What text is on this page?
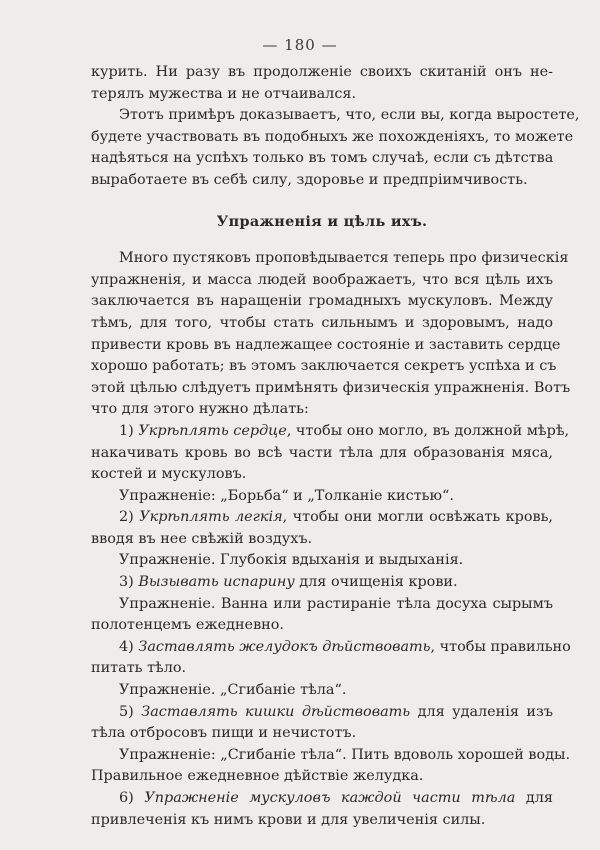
— 180 —
курить. Ни разу въ продолженіе своихъ скитаній онъ не-
терялъ мужества и не отчаивался.
Этотъ примѣръ доказываетъ, что, если вы, когда выростете,
будете участвовать въ подобныхъ же похожденіяхъ, то можете
надѣяться на успѣхъ только въ томъ случаѣ, если съ дѣтства
выработаете въ себѣ силу, здоровье и предпріимчивость.
Упражненія и цѣль ихъ.
Много пустяковъ проповѣдывается теперь про физическія
упражненія, и масса людей воображаетъ, что вся цѣль ихъ
заключается въ наращеніи громадныхъ мускуловъ. Между
тѣмъ, для того, чтобы стать сильнымъ и здоровымъ, надо
привести кровь въ надлежащее состояніе и заставить сердце
хорошо работать; въ этомъ заключается секретъ успѣха и съ
этой цѣлью слѣдуетъ примѣнять физическія упражненія. Вотъ
что для этого нужно дѣлать:
1) Укрѣплять сердце, чтобы оно могло, въ должной мѣрѣ,
накачивать кровь во всѣ части тѣла для образованія мяса,
костей и мускуловъ.
Упражненіе: „Борьба“ и „Толканіе кистью“.
2) Укрѣплять легкія, чтобы они могли освѣжать кровь,
вводя въ нее свѣжій воздухъ.
Упражненіе. Глубокія вдыханія и выдыханія.
3) Вызывать испарину для очищенія крови.
Упражненіе. Ванна или растираніе тѣла досуха сырымъ
полотенцемъ ежедневно.
4) Заставлять желудокъ дѣйствовать, чтобы правильно
питать тѣло.
Упражненіе. „Сгибаніе тѣла“.
5) Заставлять кишки дѣйствовать для удаленія изъ
тѣла отбросовъ пищи и нечистотъ.
Упражненіе: „Сгибаніе тѣла“. Пить вдоволь хорошей воды.
Правильное ежедневное дѣйствіе желудка.
6) Упражненіе мускуловъ каждой части тѣла для
привлеченія къ нимъ крови и для увеличенія силы.
